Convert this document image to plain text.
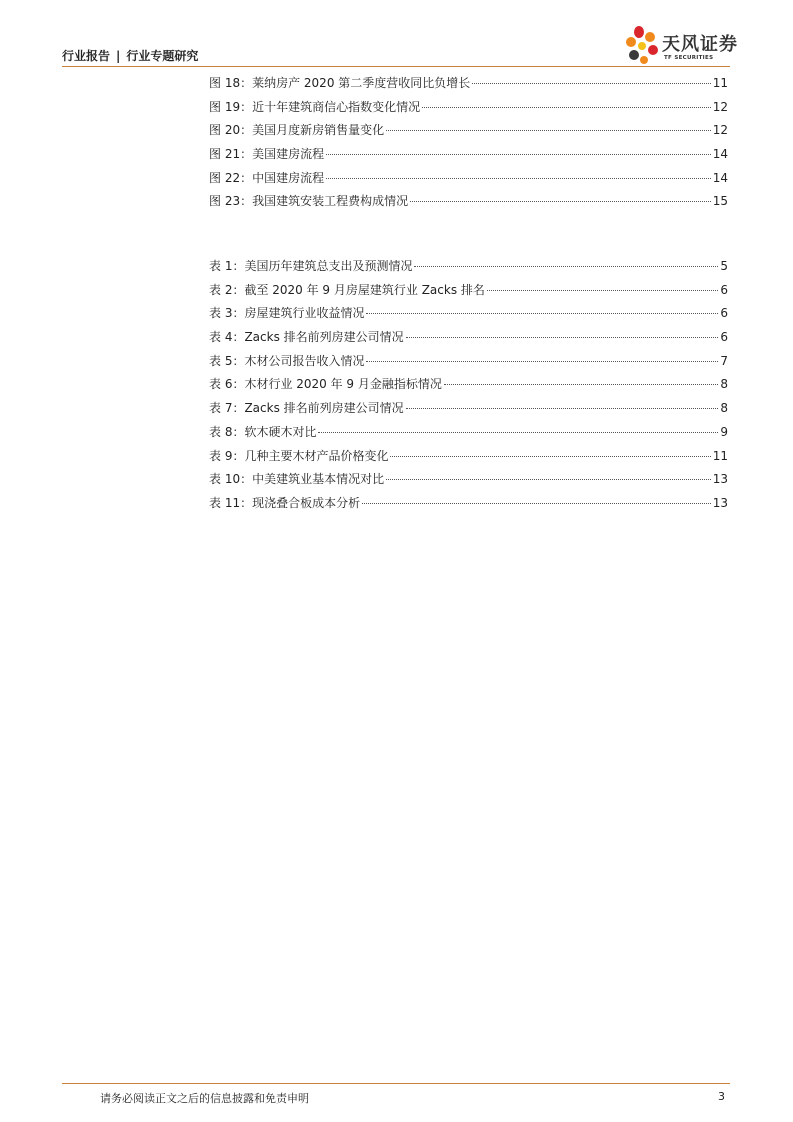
行业报告 | 行业专题研究
天风证券
TF SECURITIES
图 18： 莱纳房产 2020 第二季度营收同比负增长	11
图 19： 近十年建筑商信心指数变化情况	12
图 20： 美国月度新房销售量变化	12
图 21： 美国建房流程	14
图 22： 中国建房流程	14
图 23： 我国建筑安装工程费构成情况	15
表 1： 美国历年建筑总支出及预测情况	5
表 2： 截至 2020 年 9 月房屋建筑行业 Zacks 排名	6
表 3： 房屋建筑行业收益情况	6
表 4： Zacks 排名前列房建公司情况	6
表 5： 木材公司报告收入情况	7
表 6： 木材行业 2020 年 9 月金融指标情况	8
表 7： Zacks 排名前列房建公司情况	8
表 8： 软木硬木对比	9
表 9： 几种主要木材产品价格变化	11
表 10： 中美建筑业基本情况对比	13
表 11： 现浇叠合板成本分析	13
请务必阅读正文之后的信息披露和免责申明	3
